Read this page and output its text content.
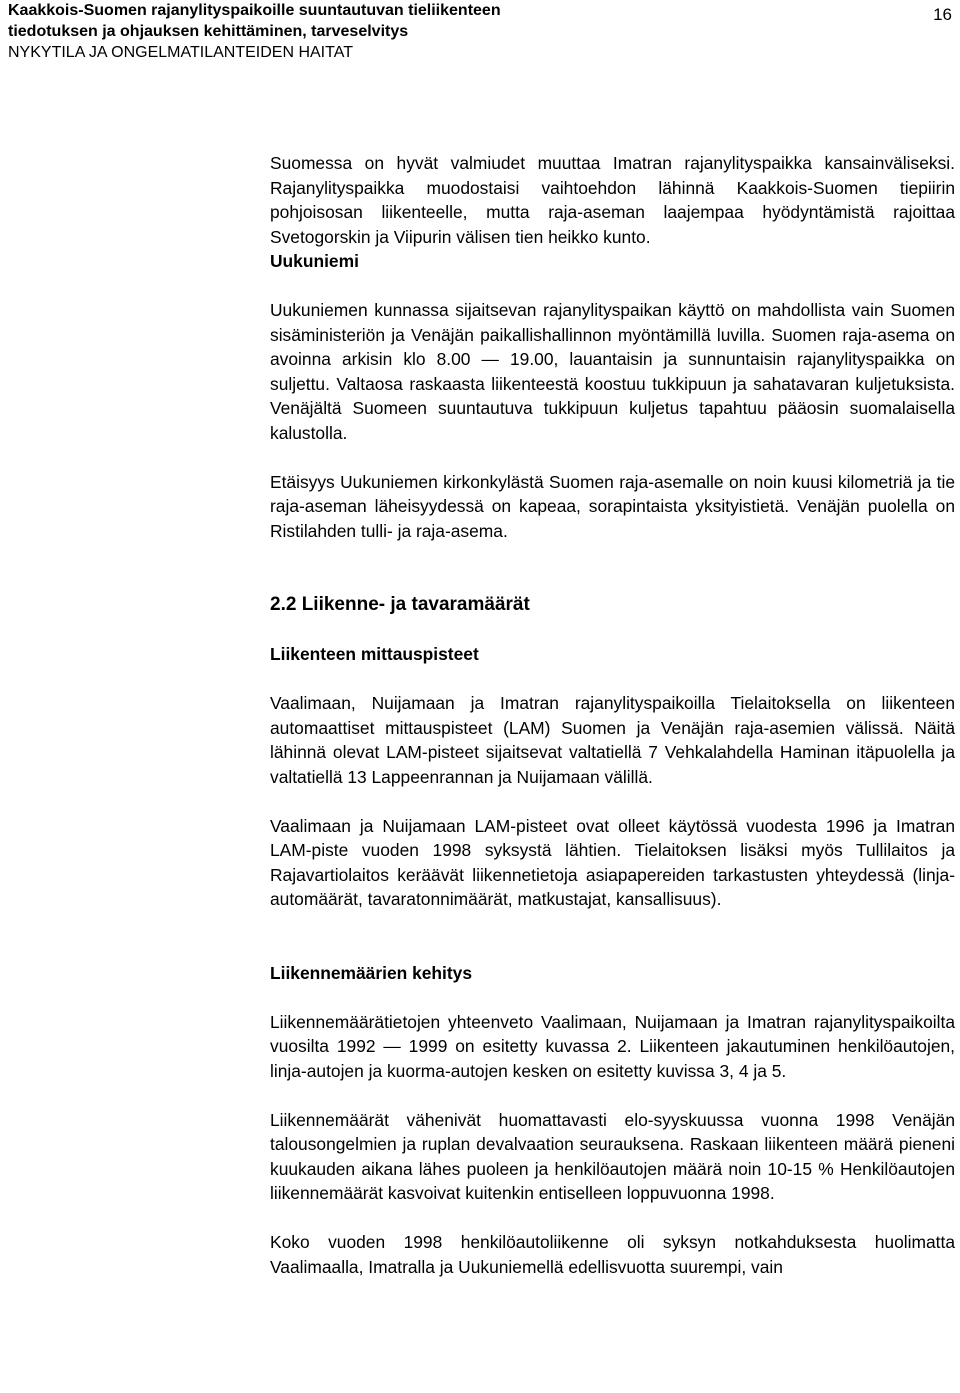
Kaakkois-Suomen rajanylityspaikoille suuntautuvan tieliikenteen

tiedotuksen ja ohjauksen kehittäminen, tarveselvitys

NYKYTILA JA ONGELMATILANTEIDEN HAITAT

16

Suomessa on hyvät valmiudet muuttaa Imatran rajanylityspaikka kansainväliseksi. Rajanylityspaikka muodostaisi vaihtoehdon lähinnä Kaakkois-Suomen tiepiirin pohjoisosan liikenteelle, mutta raja-aseman laajempaa hyödyntämistä rajoittaa Svetogorskin ja Viipurin välisen tien heikko kunto.

Uukuniemi

Uukuniemen kunnassa sijaitsevan rajanylityspaikan käyttö on mahdollista vain Suomen sisäministeriön ja Venäjän paikallishallinnon myöntämillä luvilla. Suomen raja-asema on avoinna arkisin klo 8.00 — 19.00, lauantaisin ja sunnuntaisin rajanylityspaikka on suljettu. Valtaosa raskaasta liikenteestä koostuu tukkipuun ja sahatavaran kuljetuksista. Venäjältä Suomeen suuntautuva tukkipuun kuljetus tapahtuu pääosin suomalaisella kalustolla.

Etäisyys Uukuniemen kirkonkylästä Suomen raja-asemalle on noin kuusi kilometriä ja tie raja-aseman läheisyydessä on kapeaa, sorapintaista yksityistietä. Venäjän puolella on Ristilahden tulli- ja raja-asema.

2.2 Liikenne- ja tavaramäärät

Liikenteen mittauspisteet

Vaalimaan, Nuijamaan ja Imatran rajanylityspaikoilla Tielaitoksella on liikenteen automaattiset mittauspisteet (LAM) Suomen ja Venäjän raja-asemien välissä. Näitä lähinnä olevat LAM-pisteet sijaitsevat valtatiellä 7 Vehkalahdella Haminan itäpuolella ja valtatiellä 13 Lappeenrannan ja Nuijamaan välillä.

Vaalimaan ja Nuijamaan LAM-pisteet ovat olleet käytössä vuodesta 1996 ja Imatran LAM-piste vuoden 1998 syksystä lähtien. Tielaitoksen lisäksi myös Tullilaitos ja Rajavartiolaitos keräävät liikennetietoja asiapapereiden tarkastusten yhteydessä (linja-automäärät, tavaratonnimäärät, matkustajat, kansallisuus).

Liikennemäärien kehitys

Liikennemäärätietojen yhteenveto Vaalimaan, Nuijamaan ja Imatran rajanylityspaikoilta vuosilta 1992 — 1999 on esitetty kuvassa 2. Liikenteen jakautuminen henkilöautojen, linja-autojen ja kuorma-autojen kesken on esitetty kuvissa 3, 4 ja 5.

Liikennemäärät vähenivät huomattavasti elo-syyskuussa vuonna 1998 Venäjän talousongelmien ja ruplan devalvaation seurauksena. Raskaan liikenteen määrä pieneni kuukauden aikana lähes puoleen ja henkilöautojen määrä noin 10-15 % Henkilöautojen liikennemäärät kasvoivat kuitenkin entiselleen loppuvuonna 1998.

Koko vuoden 1998 henkilöautoliikenne oli syksyn notkahduksesta huolimatta Vaalimaalla, Imatralla ja Uukuniemellä edellisvuotta suurempi, vain
